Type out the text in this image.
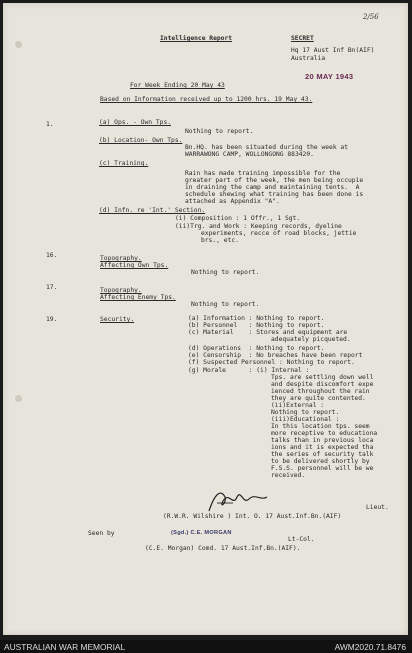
2/56
Intelligence Report	SECRET
Hq 17 Aust Inf Bn(AIF)
Australia
20 MAY 1943
For Week Ending 20 May 43
Based on Information received up to 1200 hrs. 19 May 43.
1.	(a) Ops. - Own Tps.
Nothing to report.
(b) Location- Own Tps.
Bn.HQ. has been situated during the week at
WARRAWONG CAMP, WOLLONGONG 883420.
(c) Training.
Rain has made training impossible for the
greater part of the week, the men being occupie
in draining the camp and maintaining tents.  A
schedule shewing what training has been done is
attached as Appendix "A".
(d) Infn. re 'Int.' Section.
(i) Composition : 1 Offr., 1 Sgt.
(ii)Trg. and Work : Keeping records, dyeline
experiments, recce of road blocks, jettie
brs., etc.
16.	Topography.
Affecting Own Tps.
Nothing to report.
17.	Topography.
Affecting Enemy Tps.
Nothing to report.
19.	Security.	(a) Information : Nothing to report.
(b) Personnel   : Nothing to report.
(c) Material    : Stores and equipment are
adequately picqueted.
(d) Operations  : Nothing to report.
(e) Censorship  : No breaches have been report
(f) Suspected Personnel : Nothing to report.
(g) Morale      : (i) Internal :
Tps. are settling down well
and despite discomfort expe
ienced throughout the rain
they are quite contented.
(ii)External :
Nothing to report.
(iii)Educational :
In this location tps. seem
more receptive to educationa
talks than in previous loca
ions and it is expected tha
the series of security talk
to be delivered shortly by
F.S.S. personnel will be we
received.
Lieut.
(R.W.R. Wilshire ) Int. O. 17 Aust.Inf.Bn.(AIF)
Seen by	(Sgd.) C.E. MORGAN
Lt-Col.
(C.E. Morgan) Comd. 17 Aust.Inf.Bn.(AIF).
AUSTRALIAN WAR MEMORIAL	AWM2020.71.8476
